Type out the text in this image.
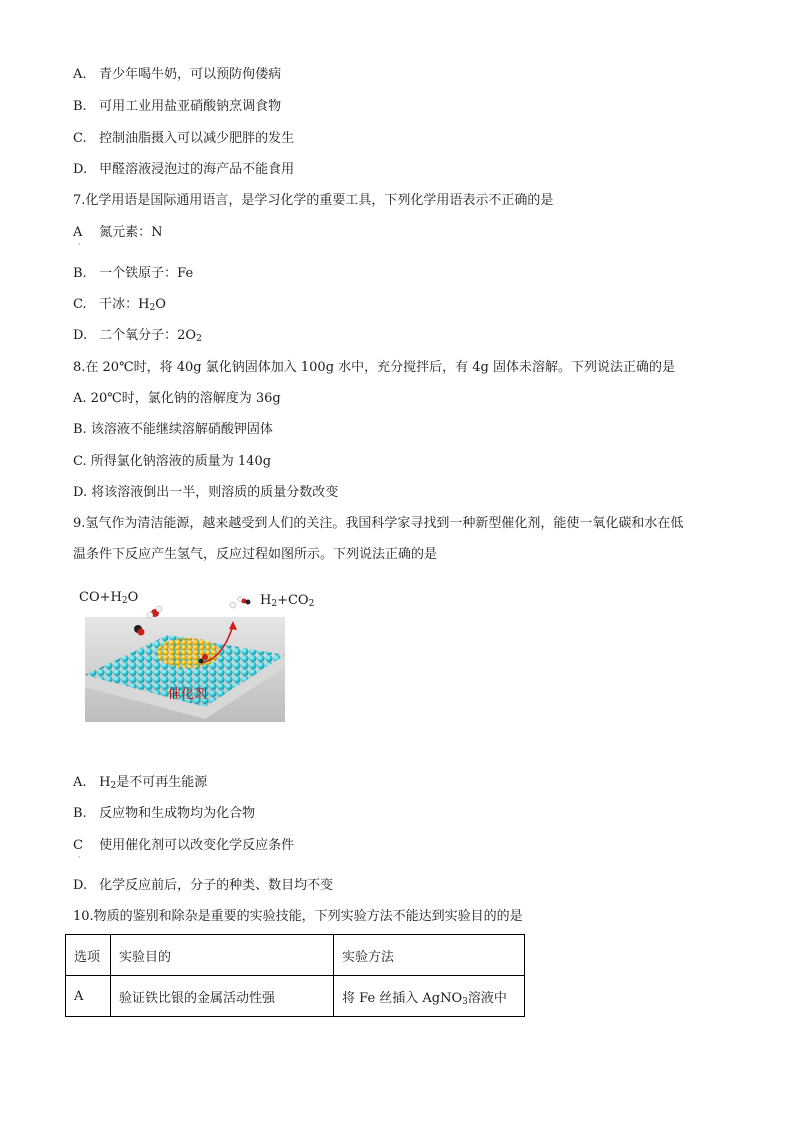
A. 青少年喝牛奶，可以预防佝偻病
B. 可用工业用盐亚硝酸钠烹调食物
C. 控制油脂摄入可以减少肥胖的发生
D. 甲醛溶液浸泡过的海产品不能食用
7.化学用语是国际通用语言，是学习化学的重要工具，下列化学用语表示不正确的是
A 氮元素：N
·
B. 一个铁原子：Fe
C. 干冰：$H_2O$
D. 二个氧分子：$2O_2$
8.在 20℃时，将 40g 氯化钠固体加入 100g 水中，充分搅拌后，有 4g 固体未溶解。下列说法正确的是
A. 20℃时，氯化钠的溶解度为 36g
B. 该溶液不能继续溶解硝酸钾固体
C. 所得氯化钠溶液的质量为 140g
D. 将该溶液倒出一半，则溶质的质量分数改变
9.氢气作为清洁能源，越来越受到人们的关注。我国科学家寻找到一种新型催化剂，能使一氧化碳和水在低
温条件下反应产生氢气，反应过程如图所示。下列说法正确的是
$CO+H_2O$	$H_2+CO_2$
催化剂
A. $H_2$是不可再生能源
B. 反应物和生成物均为化合物
C 使用催化剂可以改变化学反应条件
·
D. 化学反应前后，分子的种类、数目均不变
10.物质的鉴别和除杂是重要的实验技能，下列实验方法不能达到实验目的的是
选项	实验目的	实验方法
A	验证铁比银的金属活动性强	将 Fe 丝插入 AgNO$_3$溶液中
